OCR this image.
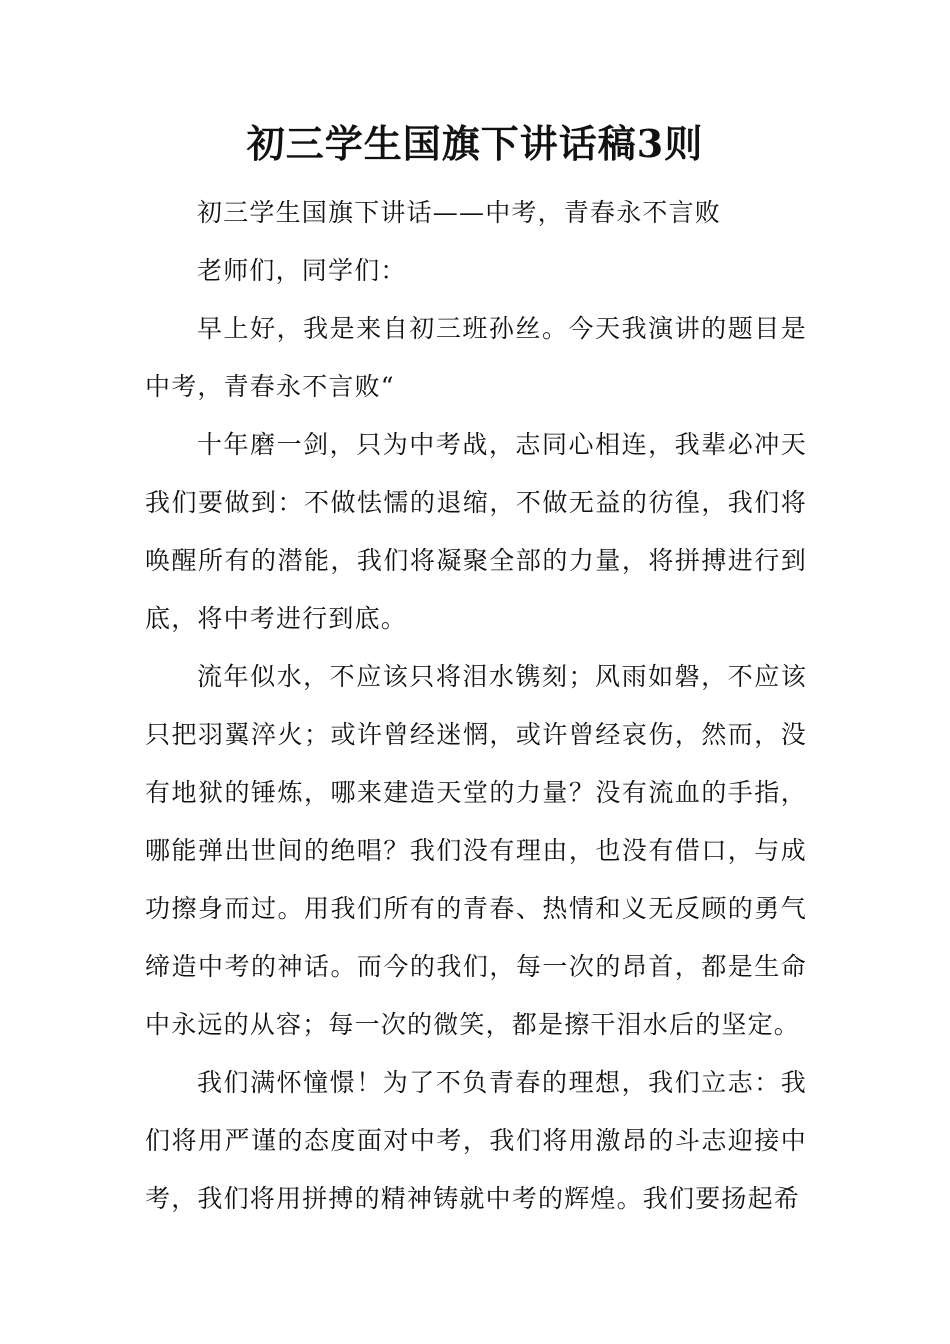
初三学生国旗下讲话稿3则

初三学生国旗下讲话——中考，青春永不言败

老师们，同学们：

早上好，我是来自初三班孙丝。今天我演讲的题目是中考，青春永不言败“

十年磨一剑，只为中考战，志同心相连，我辈必冲天我们要做到：不做怯懦的退缩，不做无益的彷徨，我们将唤醒所有的潜能，我们将凝聚全部的力量，将拼搏进行到底，将中考进行到底。

流年似水，不应该只将泪水镌刻；风雨如磐，不应该只把羽翼淬火；或许曾经迷惘，或许曾经哀伤，然而，没有地狱的锤炼，哪来建造天堂的力量？没有流血的手指，哪能弹出世间的绝唱？我们没有理由，也没有借口，与成功擦身而过。用我们所有的青春、热情和义无反顾的勇气缔造中考的神话。而今的我们，每一次的昂首，都是生命中永远的从容；每一次的微笑，都是擦干泪水后的坚定。

我们满怀憧憬！为了不负青春的理想，我们立志：我们将用严谨的态度面对中考，我们将用激昂的斗志迎接中考，我们将用拼搏的精神铸就中考的辉煌。我们要扬起希
